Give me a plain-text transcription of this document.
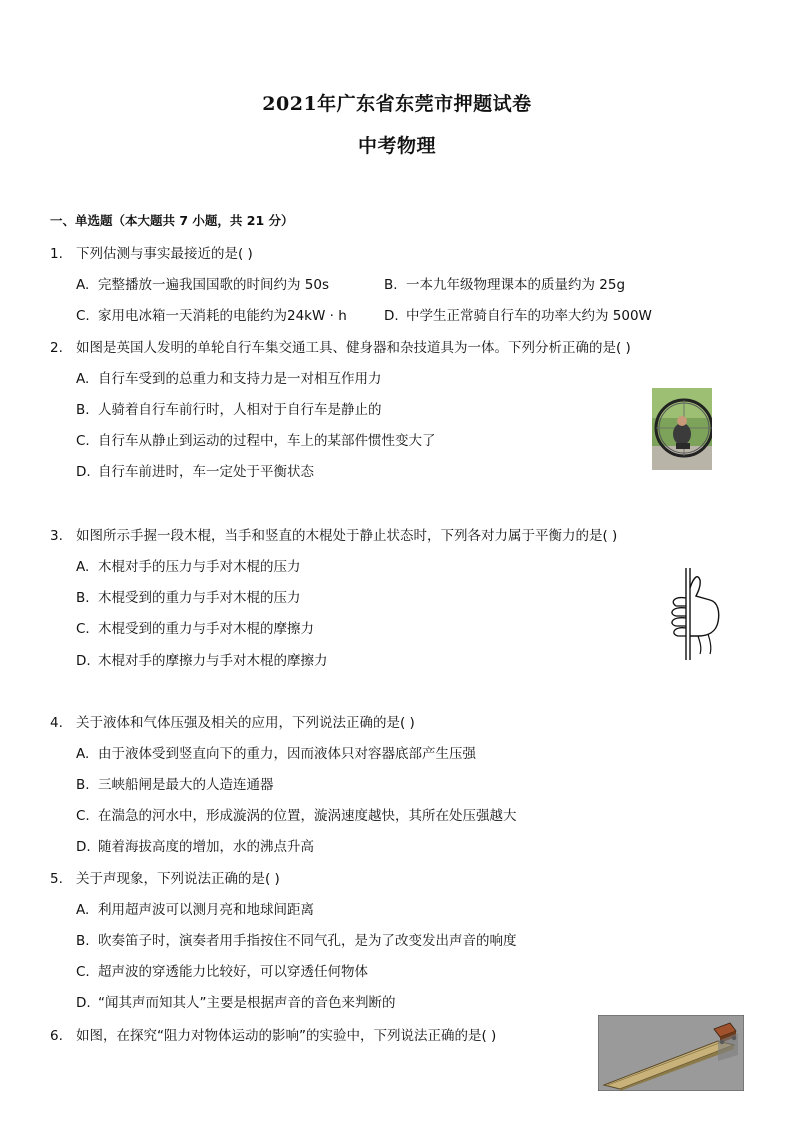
2021年广东省东莞市押题试卷
中考物理
一、单选题（本大题共 7 小题，共 21 分）
1. 下列估测与事实最接近的是( )
A. 完整播放一遍我国国歌的时间约为 50s	B. 一本九年级物理课本的质量约为 25g
C. 家用电冰箱一天消耗的电能约为24kW · h	D. 中学生正常骑自行车的功率大约为 500W
2. 如图是英国人发明的单轮自行车集交通工具、健身器和杂技道具为一体。下列分析正确的是( )
A. 自行车受到的总重力和支持力是一对相互作用力
B. 人骑着自行车前行时，人相对于自行车是静止的
C. 自行车从静止到运动的过程中，车上的某部件惯性变大了
D. 自行车前进时，车一定处于平衡状态
3. 如图所示手握一段木棍，当手和竖直的木棍处于静止状态时，下列各对力属于平衡力的是( )
A. 木棍对手的压力与手对木棍的压力
B. 木棍受到的重力与手对木棍的压力
C. 木棍受到的重力与手对木棍的摩擦力
D. 木棍对手的摩擦力与手对木棍的摩擦力
4. 关于液体和气体压强及相关的应用，下列说法正确的是( )
A. 由于液体受到竖直向下的重力，因而液体只对容器底部产生压强
B. 三峡船闸是最大的人造连通器
C. 在湍急的河水中，形成漩涡的位置，漩涡速度越快，其所在处压强越大
D. 随着海拔高度的增加，水的沸点升高
5. 关于声现象，下列说法正确的是( )
A. 利用超声波可以测月亮和地球间距离
B. 吹奏笛子时，演奏者用手指按住不同气孔，是为了改变发出声音的响度
C. 超声波的穿透能力比较好，可以穿透任何物体
D. “闻其声而知其人”主要是根据声音的音色来判断的
6. 如图，在探究“阻力对物体运动的影响”的实验中，下列说法正确的是( )
